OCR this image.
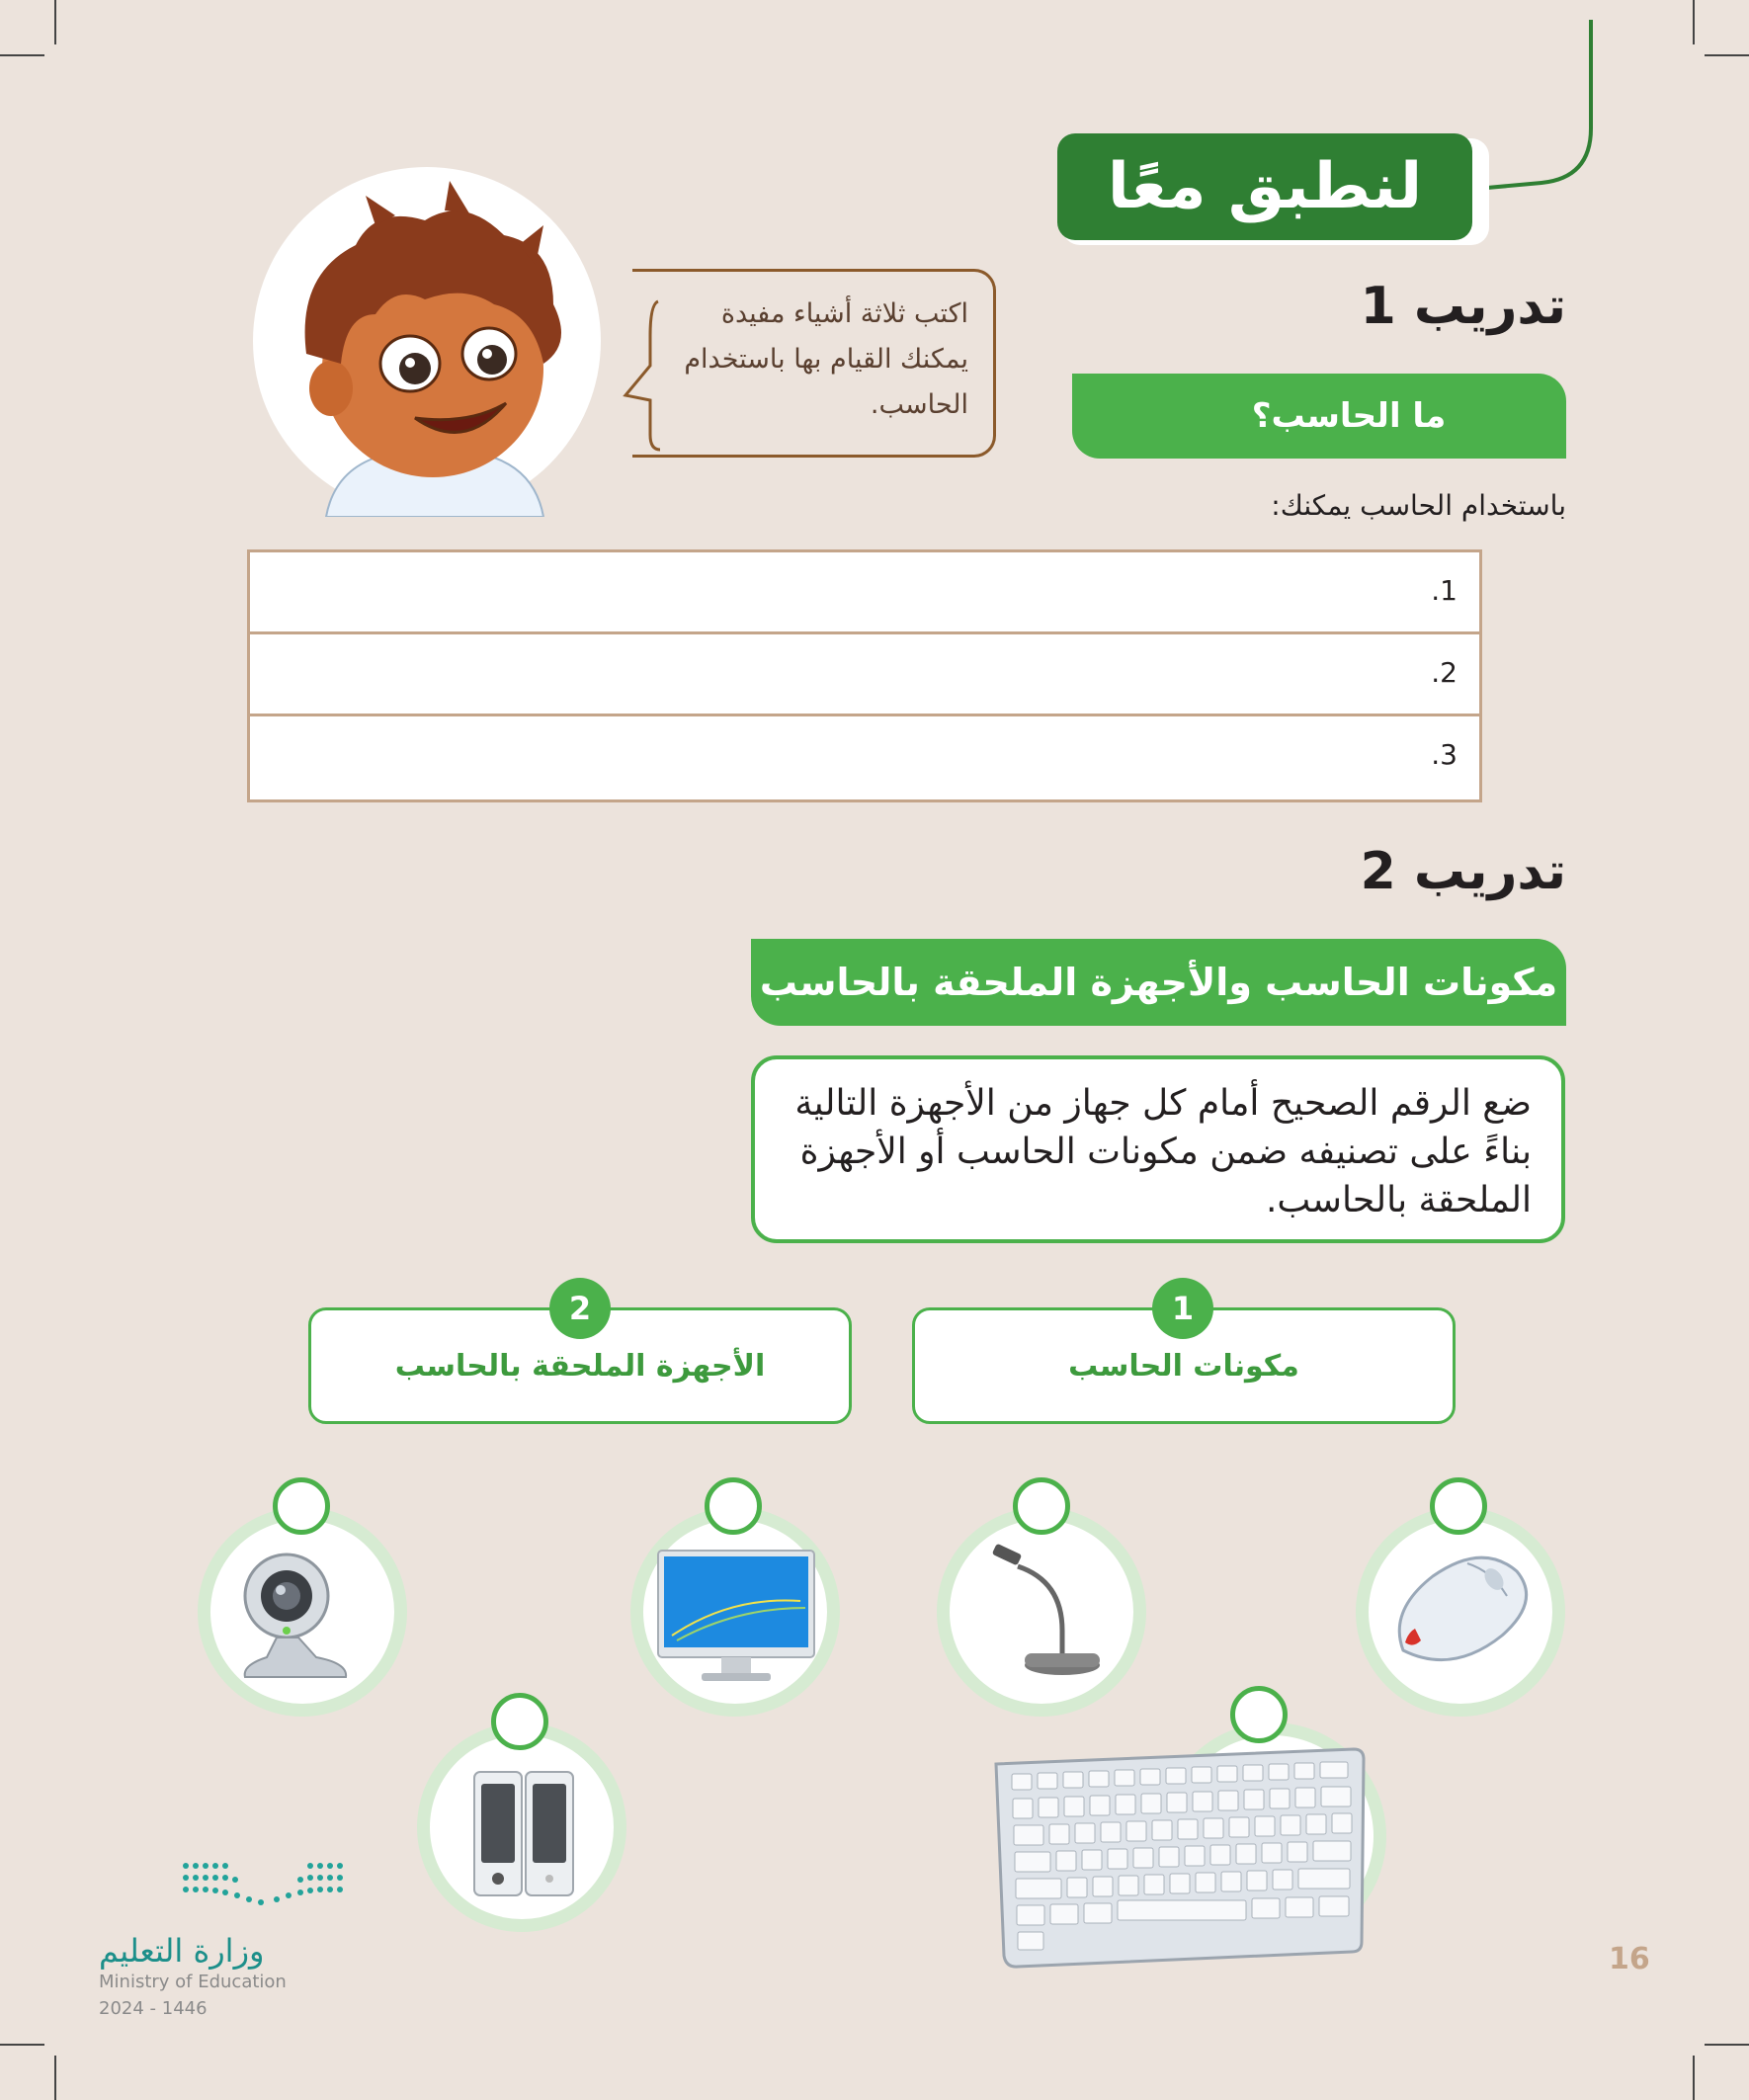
لنطبق معًا
اكتب ثلاثة أشياء مفيدة يمكنك القيام بها باستخدام الحاسب.
تدريب 1
ما الحاسب؟
باستخدام الحاسب يمكنك:
1.
2.
3.
تدريب 2
مكونات الحاسب والأجهزة الملحقة بالحاسب
ضع الرقم الصحيح أمام كل جهاز من الأجهزة التالية بناءً على تصنيفه ضمن مكونات الحاسب أو الأجهزة الملحقة بالحاسب.
مكونات الحاسب
1
الأجهزة الملحقة بالحاسب
2
وزارة التعليم
Ministry of Education
2024 - 1446
16
